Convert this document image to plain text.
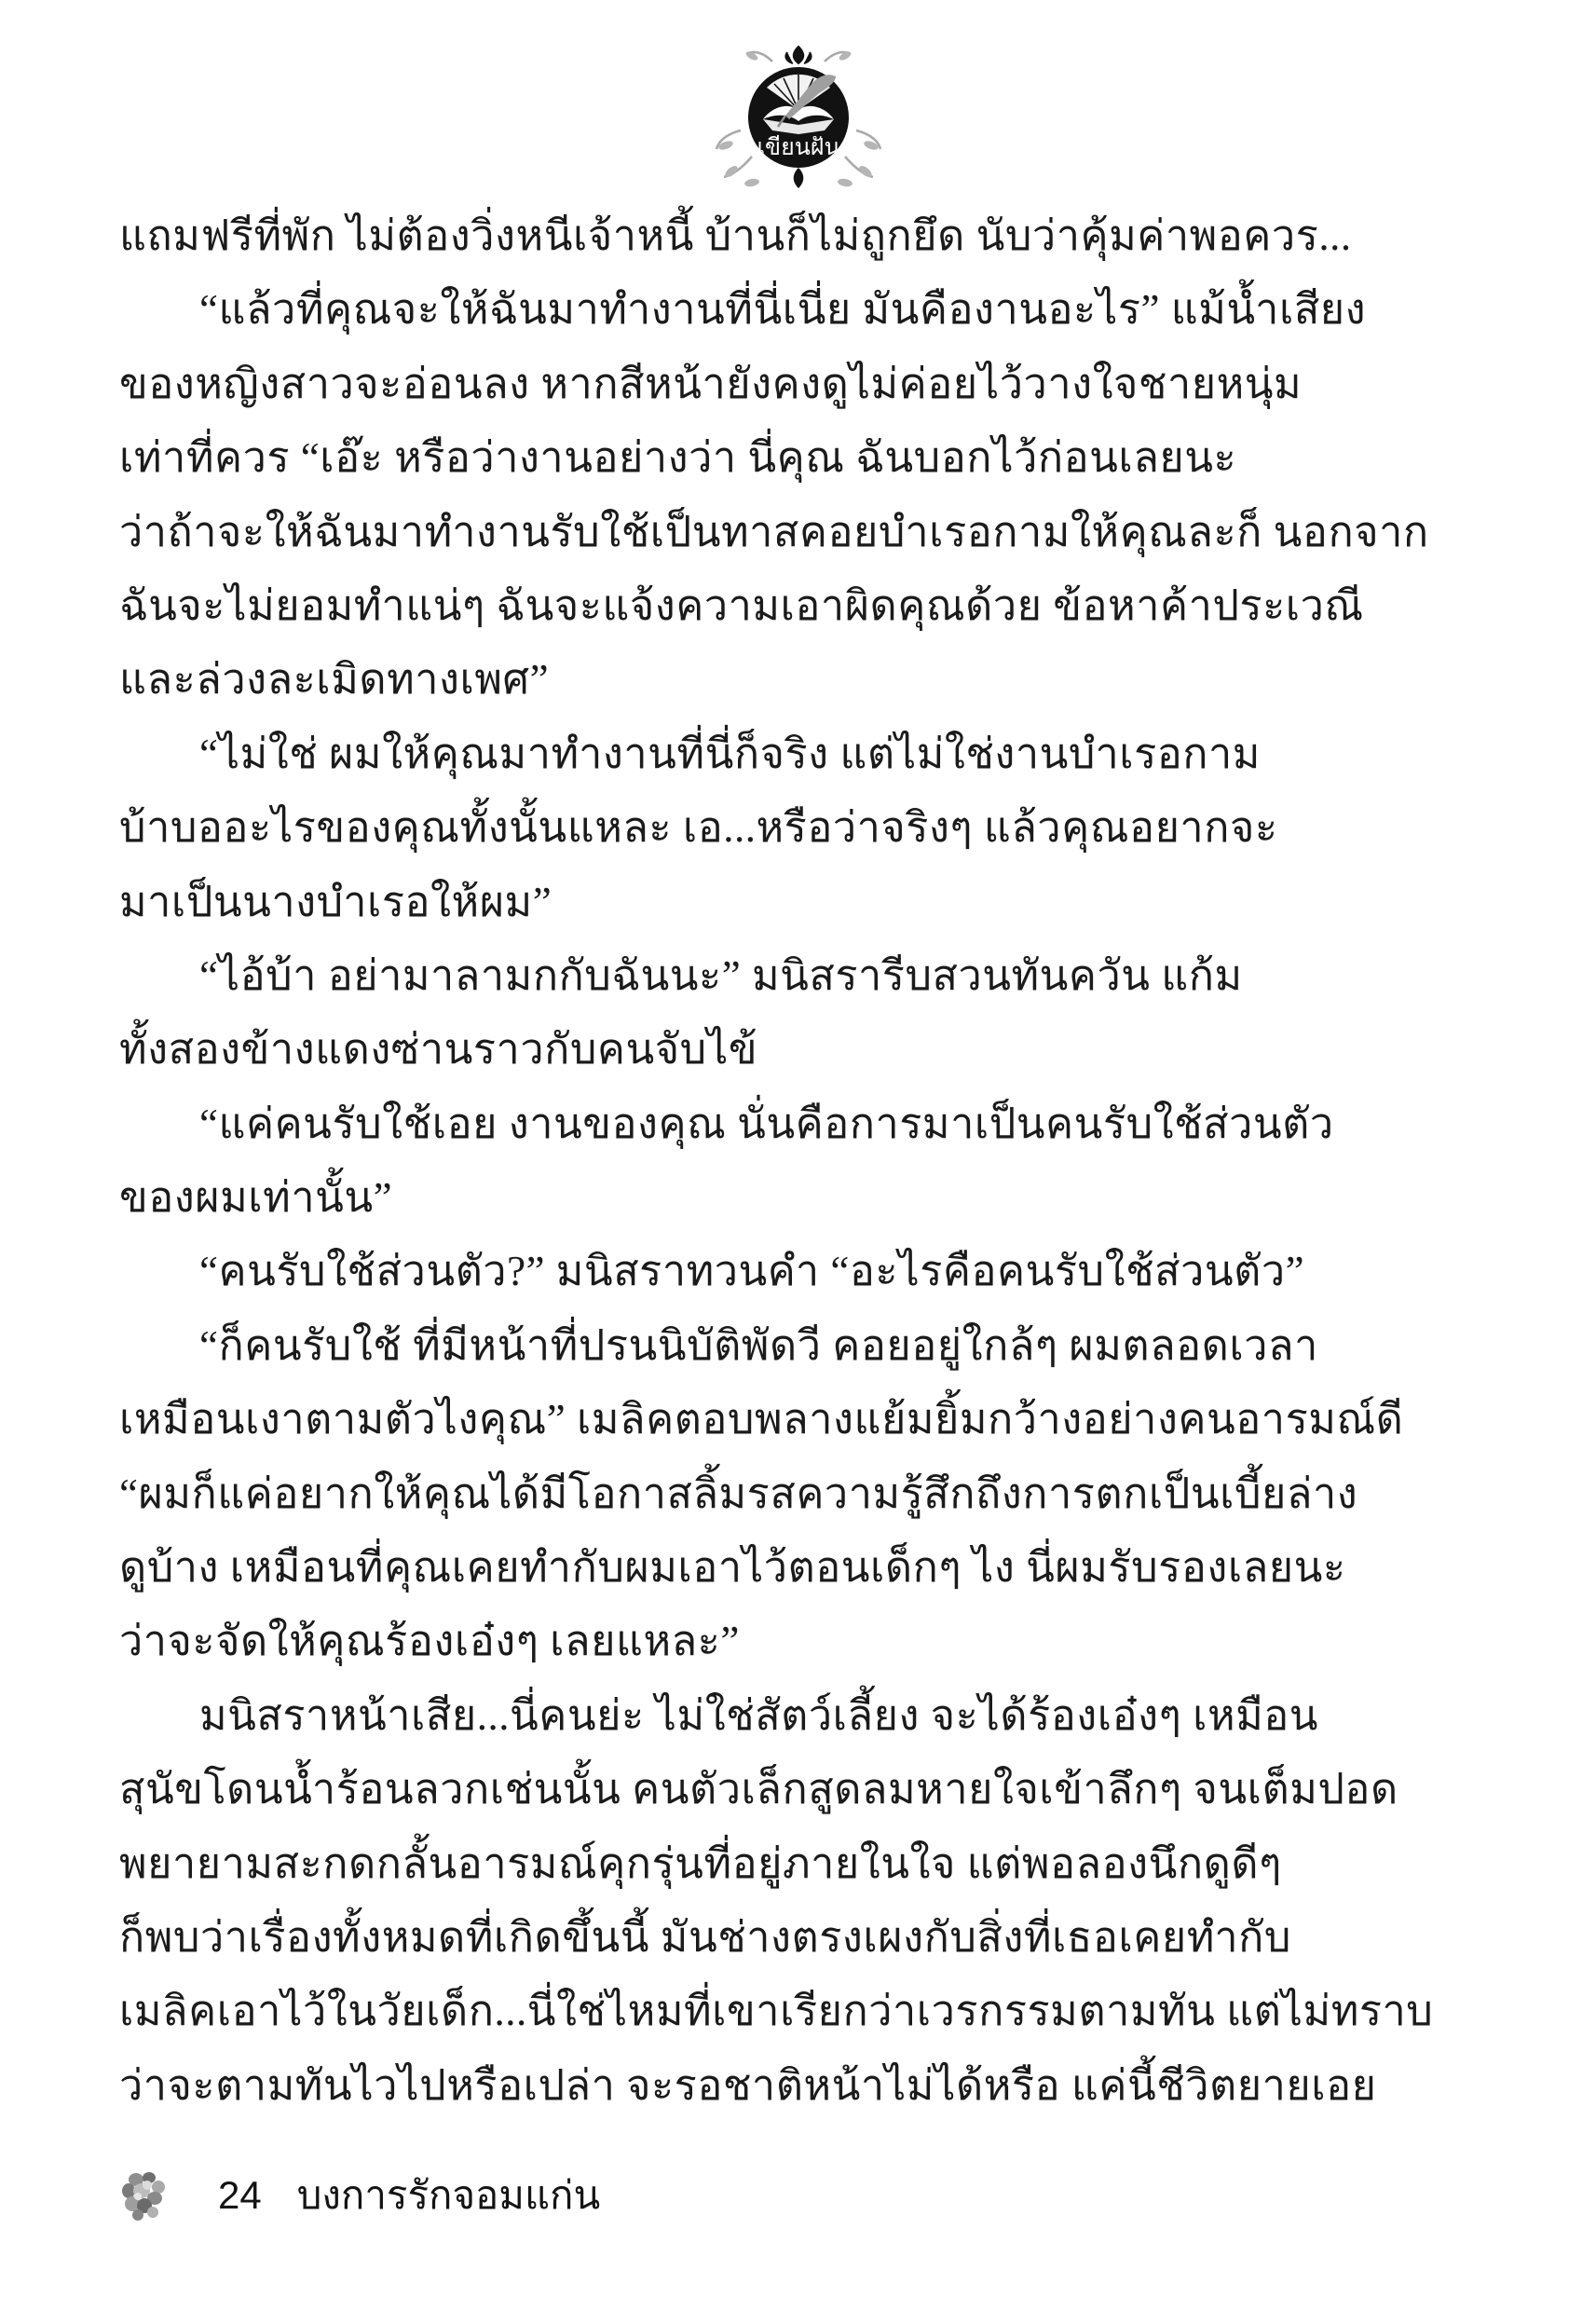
เขียนฝัน
แถมฟรีที่พัก ไม่ต้องวิ่งหนีเจ้าหนี้ บ้านก็ไม่ถูกยึด นับว่าคุ้มค่าพอควร...
“แล้วที่คุณจะให้ฉันมาทำงานที่นี่เนี่ย มันคืองานอะไร” แม้น้ำเสียง
ของหญิงสาวจะอ่อนลง หากสีหน้ายังคงดูไม่ค่อยไว้วางใจชายหนุ่ม
เท่าที่ควร “เอ๊ะ หรือว่างานอย่างว่า นี่คุณ ฉันบอกไว้ก่อนเลยนะ
ว่าถ้าจะให้ฉันมาทำงานรับใช้เป็นทาสคอยบำเรอกามให้คุณละก็ นอกจาก
ฉันจะไม่ยอมทำแน่ๆ ฉันจะแจ้งความเอาผิดคุณด้วย ข้อหาค้าประเวณี
และล่วงละเมิดทางเพศ”
“ไม่ใช่ ผมให้คุณมาทำงานที่นี่ก็จริง แต่ไม่ใช่งานบำเรอกาม
บ้าบออะไรของคุณทั้งนั้นแหละ เอ...หรือว่าจริงๆ แล้วคุณอยากจะ
มาเป็นนางบำเรอให้ผม”
“ไอ้บ้า อย่ามาลามกกับฉันนะ” มนิสรารีบสวนทันควัน แก้ม
ทั้งสองข้างแดงซ่านราวกับคนจับไข้
“แค่คนรับใช้เอย งานของคุณ นั่นคือการมาเป็นคนรับใช้ส่วนตัว
ของผมเท่านั้น”
“คนรับใช้ส่วนตัว?” มนิสราทวนคำ “อะไรคือคนรับใช้ส่วนตัว”
“ก็คนรับใช้ ที่มีหน้าที่ปรนนิบัติพัดวี คอยอยู่ใกล้ๆ ผมตลอดเวลา
เหมือนเงาตามตัวไงคุณ” เมลิคตอบพลางแย้มยิ้มกว้างอย่างคนอารมณ์ดี
“ผมก็แค่อยากให้คุณได้มีโอกาสลิ้มรสความรู้สึกถึงการตกเป็นเบี้ยล่าง
ดูบ้าง เหมือนที่คุณเคยทำกับผมเอาไว้ตอนเด็กๆ ไง นี่ผมรับรองเลยนะ
ว่าจะจัดให้คุณร้องเอ๋งๆ เลยแหละ”
มนิสราหน้าเสีย...นี่คนย่ะ ไม่ใช่สัตว์เลี้ยง จะได้ร้องเอ๋งๆ เหมือน
สุนัขโดนน้ำร้อนลวกเช่นนั้น คนตัวเล็กสูดลมหายใจเข้าลึกๆ จนเต็มปอด
พยายามสะกดกลั้นอารมณ์คุกรุ่นที่อยู่ภายในใจ แต่พอลองนึกดูดีๆ
ก็พบว่าเรื่องทั้งหมดที่เกิดขึ้นนี้ มันช่างตรงเผงกับสิ่งที่เธอเคยทำกับ
เมลิคเอาไว้ในวัยเด็ก...นี่ใช่ไหมที่เขาเรียกว่าเวรกรรมตามทัน แต่ไม่ทราบ
ว่าจะตามทันไวไปหรือเปล่า จะรอชาติหน้าไม่ได้หรือ แค่นี้ชีวิตยายเอย
24 บงการรักจอมแก่น
